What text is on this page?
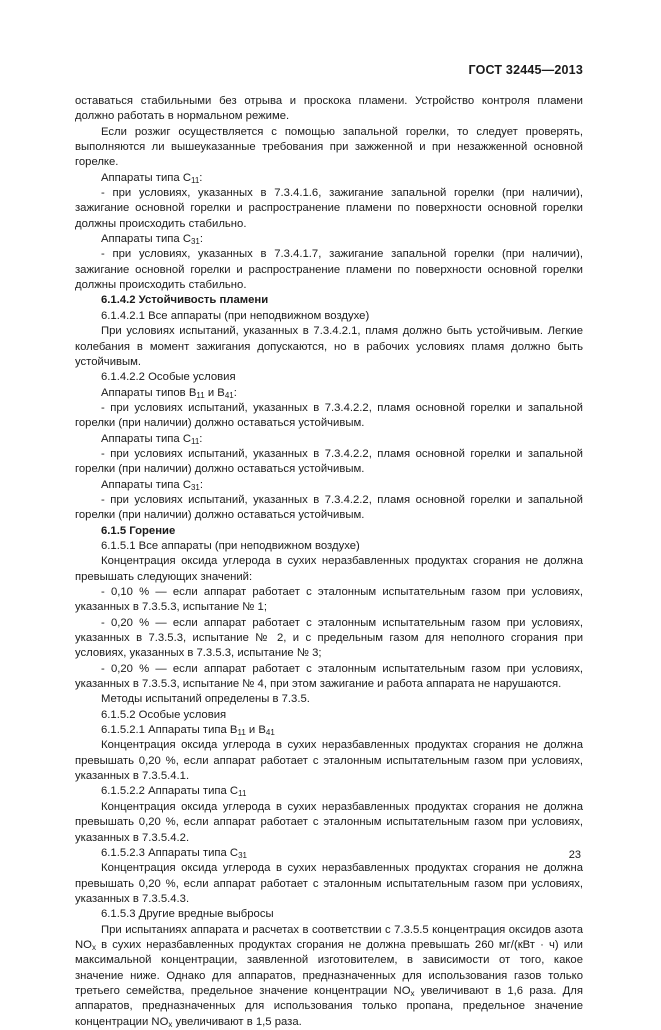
ГОСТ 32445—2013

оставаться стабильными без отрыва и проскока пламени. Устройство контроля пламени должно работать в нормальном режиме.

Если розжиг осуществляется с помощью запальной горелки, то следует проверять, выполняются ли вышеуказанные требования при зажженной и при незажженной основной горелке.

Аппараты типа $С_{11}$:

- при условиях, указанных в 7.3.4.1.6, зажигание запальной горелки (при наличии), зажигание основной горелки и распространение пламени по поверхности основной горелки должны происходить стабильно.

Аппараты типа $С_{31}$:

- при условиях, указанных в 7.3.4.1.7, зажигание запальной горелки (при наличии), зажигание основной горелки и распространение пламени по поверхности основной горелки должны происходить стабильно.

6.1.4.2 Устойчивость пламени

6.1.4.2.1 Все аппараты (при неподвижном воздухе)

При условиях испытаний, указанных в 7.3.4.2.1, пламя должно быть устойчивым. Легкие колебания в момент зажигания допускаются, но в рабочих условиях пламя должно быть устойчивым.

6.1.4.2.2 Особые условия

Аппараты типов $В_{11}$ и $В_{41}$:

- при условиях испытаний, указанных в 7.3.4.2.2, пламя основной горелки и запальной горелки (при наличии) должно оставаться устойчивым.

Аппараты типа $С_{11}$:

- при условиях испытаний, указанных в 7.3.4.2.2, пламя основной горелки и запальной горелки (при наличии) должно оставаться устойчивым.

Аппараты типа $С_{31}$:

- при условиях испытаний, указанных в 7.3.4.2.2, пламя основной горелки и запальной горелки (при наличии) должно оставаться устойчивым.

6.1.5 Горение

6.1.5.1 Все аппараты (при неподвижном воздухе)

Концентрация оксида углерода в сухих неразбавленных продуктах сгорания не должна превышать следующих значений:

- 0,10 % — если аппарат работает с эталонным испытательным газом при условиях, указанных в 7.3.5.3, испытание № 1;

- 0,20 % — если аппарат работает с эталонным испытательным газом при условиях, указанных в 7.3.5.3, испытание № 2, и с предельным газом для неполного сгорания при условиях, указанных в 7.3.5.3, испытание № 3;

- 0,20 % — если аппарат работает с эталонным испытательным газом при условиях, указанных в 7.3.5.3, испытание № 4, при этом зажигание и работа аппарата не нарушаются.

Методы испытаний определены в 7.3.5.

6.1.5.2 Особые условия

6.1.5.2.1 Аппараты типа $В_{11}$ и $В_{41}$

Концентрация оксида углерода в сухих неразбавленных продуктах сгорания не должна превышать 0,20 %, если аппарат работает с эталонным испытательным газом при условиях, указанных в 7.3.5.4.1.

6.1.5.2.2 Аппараты типа $С_{11}$

Концентрация оксида углерода в сухих неразбавленных продуктах сгорания не должна превышать 0,20 %, если аппарат работает с эталонным испытательным газом при условиях, указанных в 7.3.5.4.2.

6.1.5.2.3 Аппараты типа $С_{31}$

Концентрация оксида углерода в сухих неразбавленных продуктах сгорания не должна превышать 0,20 %, если аппарат работает с эталонным испытательным газом при условиях, указанных в 7.3.5.4.3.

6.1.5.3 Другие вредные выбросы

При испытаниях аппарата и расчетах в соответствии с 7.3.5.5 концентрация оксидов азота $NO_x$ в сухих неразбавленных продуктах сгорания не должна превышать 260 мг/(кВт · ч) или максимальной концентрации, заявленной изготовителем, в зависимости от того, какое значение ниже. Однако для аппаратов, предназначенных для использования газов только третьего семейства, предельное значение концентрации $NO_x$ увеличивают в 1,6 раза. Для аппаратов, предназначенных для использования только пропана, предельное значение концентрации $NO_x$ увеличивают в 1,5 раза.

23
